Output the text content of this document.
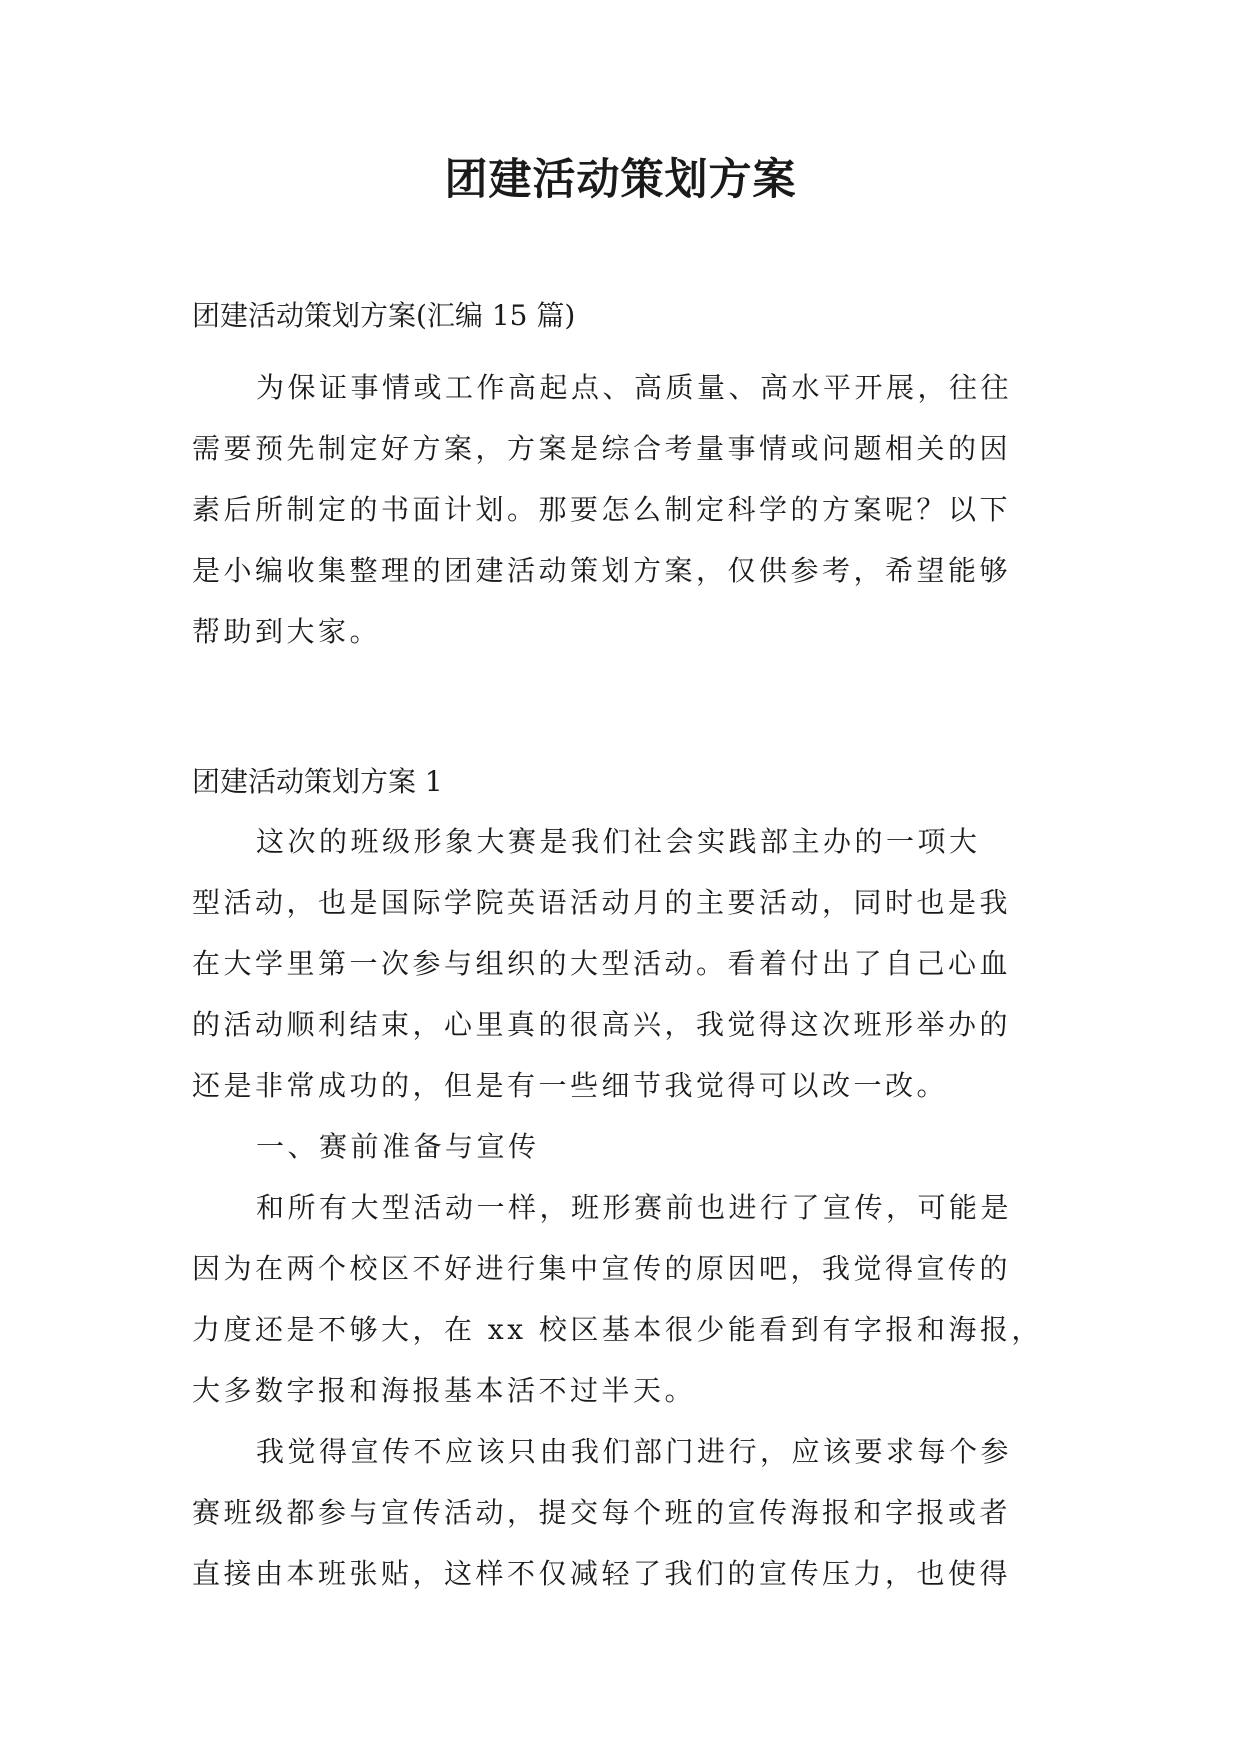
团建活动策划方案

团建活动策划方案(汇编 15 篇)

为保证事情或工作高起点、高质量、高水平开展，往往
需要预先制定好方案，方案是综合考量事情或问题相关的因
素后所制定的书面计划。那要怎么制定科学的方案呢？以下
是小编收集整理的团建活动策划方案，仅供参考，希望能够
帮助到大家。

团建活动策划方案 1

这次的班级形象大赛是我们社会实践部主办的一项大
型活动，也是国际学院英语活动月的主要活动，同时也是我
在大学里第一次参与组织的大型活动。看着付出了自己心血
的活动顺利结束，心里真的很高兴，我觉得这次班形举办的
还是非常成功的，但是有一些细节我觉得可以改一改。
一、赛前准备与宣传
和所有大型活动一样，班形赛前也进行了宣传，可能是
因为在两个校区不好进行集中宣传的原因吧，我觉得宣传的
力度还是不够大，在 xx 校区基本很少能看到有字报和海报，
大多数字报和海报基本活不过半天。
我觉得宣传不应该只由我们部门进行，应该要求每个参
赛班级都参与宣传活动，提交每个班的宣传海报和字报或者
直接由本班张贴，这样不仅减轻了我们的宣传压力，也使得
